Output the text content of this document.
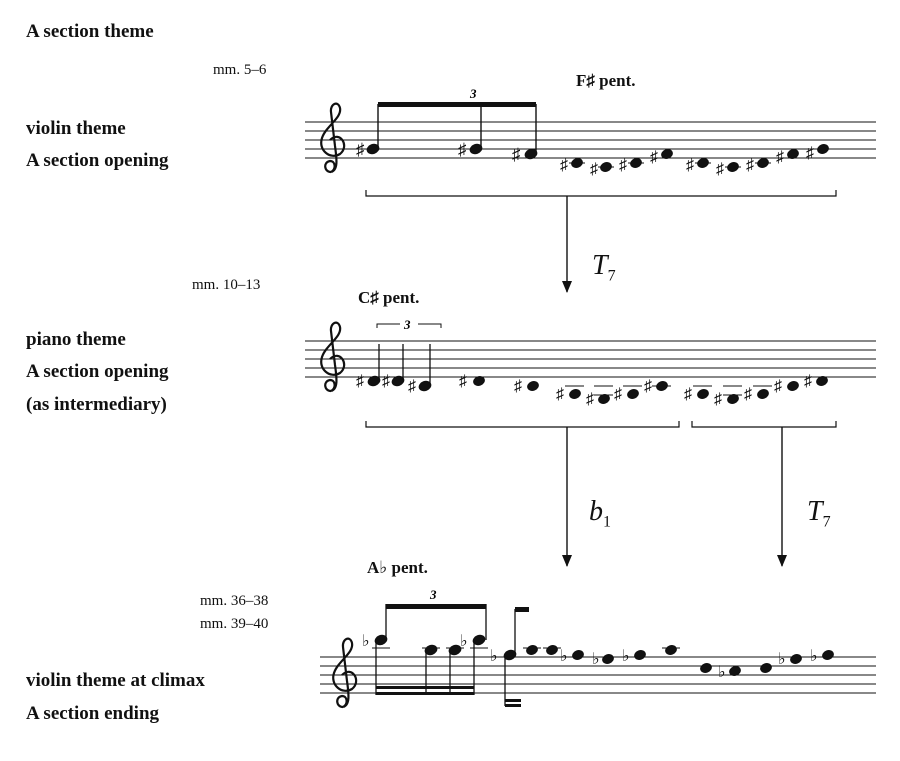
A section theme
mm. 5–6
F♯ pent.
violin theme
A section opening
mm. 10–13
C♯ pent.
piano theme
A section opening
(as intermediary)
mm. 36–38
mm. 39–40
A♭ pent.
violin theme at climax
A section ending
$T_7$
$b_1$	$T_7$
♯	♯	♯
♯ ♯ ♯ ♯ ♯ ♯ ♯ ♯ ♯
3
3
♯ ♯ ♯	♯	♯ ♯ ♯ ♯ ♯ ♯ ♯ ♯ ♯ ♯
♭	♭
♭	♭ ♭ ♭
♭
♭ ♭
3
